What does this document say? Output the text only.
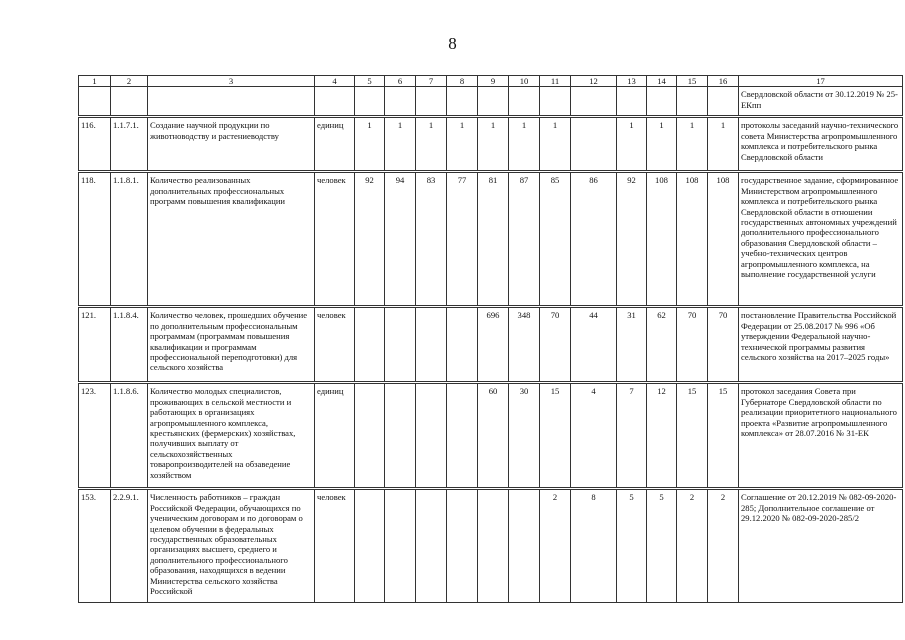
8
1	2	3	4	5	6	7	8	9	10	11	12	13	14	15	16	17
																Свердловской области от 30.12.2019 № 25-ЕКпп
116.	1.1.7.1.	Создание научной продукции по животноводству и растениеводству	единиц	1	1	1	1	1	1	1		1	1	1	1	протоколы заседаний научно-технического совета Министерства агропромышленного комплекса и потребительского рынка Свердловской области
118.	1.1.8.1.	Количество реализованных дополнительных профессиональных программ повышения квалификации	человек	92	94	83	77	81	87	85	86	92	108	108	108	государственное задание, сформированное Министерством агропромышленного комплекса и потребительского рынка Свердловской области в отношении государственных автономных учреждений дополнительного профессионального образования Свердловской области – учебно-технических центров агропромышленного комплекса, на выполнение государственной услуги
121.	1.1.8.4.	Количество человек, прошедших обучение по дополнительным профессиональным программам (программам повышения квалификации и программам профессиональной переподготовки) для сельского хозяйства	человек					696	348	70	44	31	62	70	70	постановление Правительства Российской Федерации от 25.08.2017 № 996 «Об утверждении Федеральной научно-технической программы развития сельского хозяйства на 2017–2025 годы»
123.	1.1.8.6.	Количество молодых специалистов, проживающих в сельской местности и работающих в организациях агропромышленного комплекса, крестьянских (фермерских) хозяйствах, получивших выплату от сельскохозяйственных товаропроизводителей на обзаведение хозяйством	единиц					60	30	15	4	7	12	15	15	протокол заседания Совета при Губернаторе Свердловской области по реализации приоритетного национального проекта «Развитие агропромышленного комплекса» от 28.07.2016 № 31-ЕК
153.	2.2.9.1.	Численность работников – граждан Российской Федерации, обучающихся по ученическим договорам и по договорам о целевом обучении в федеральных государственных образовательных организациях высшего, среднего и дополнительного профессионального образования, находящихся в ведении Министерства сельского хозяйства Российской	человек							2	8	5	5	2	2	Соглашение от 20.12.2019 № 082-09-2020-285; Дополнительное соглашение от 29.12.2020 № 082-09-2020-285/2
